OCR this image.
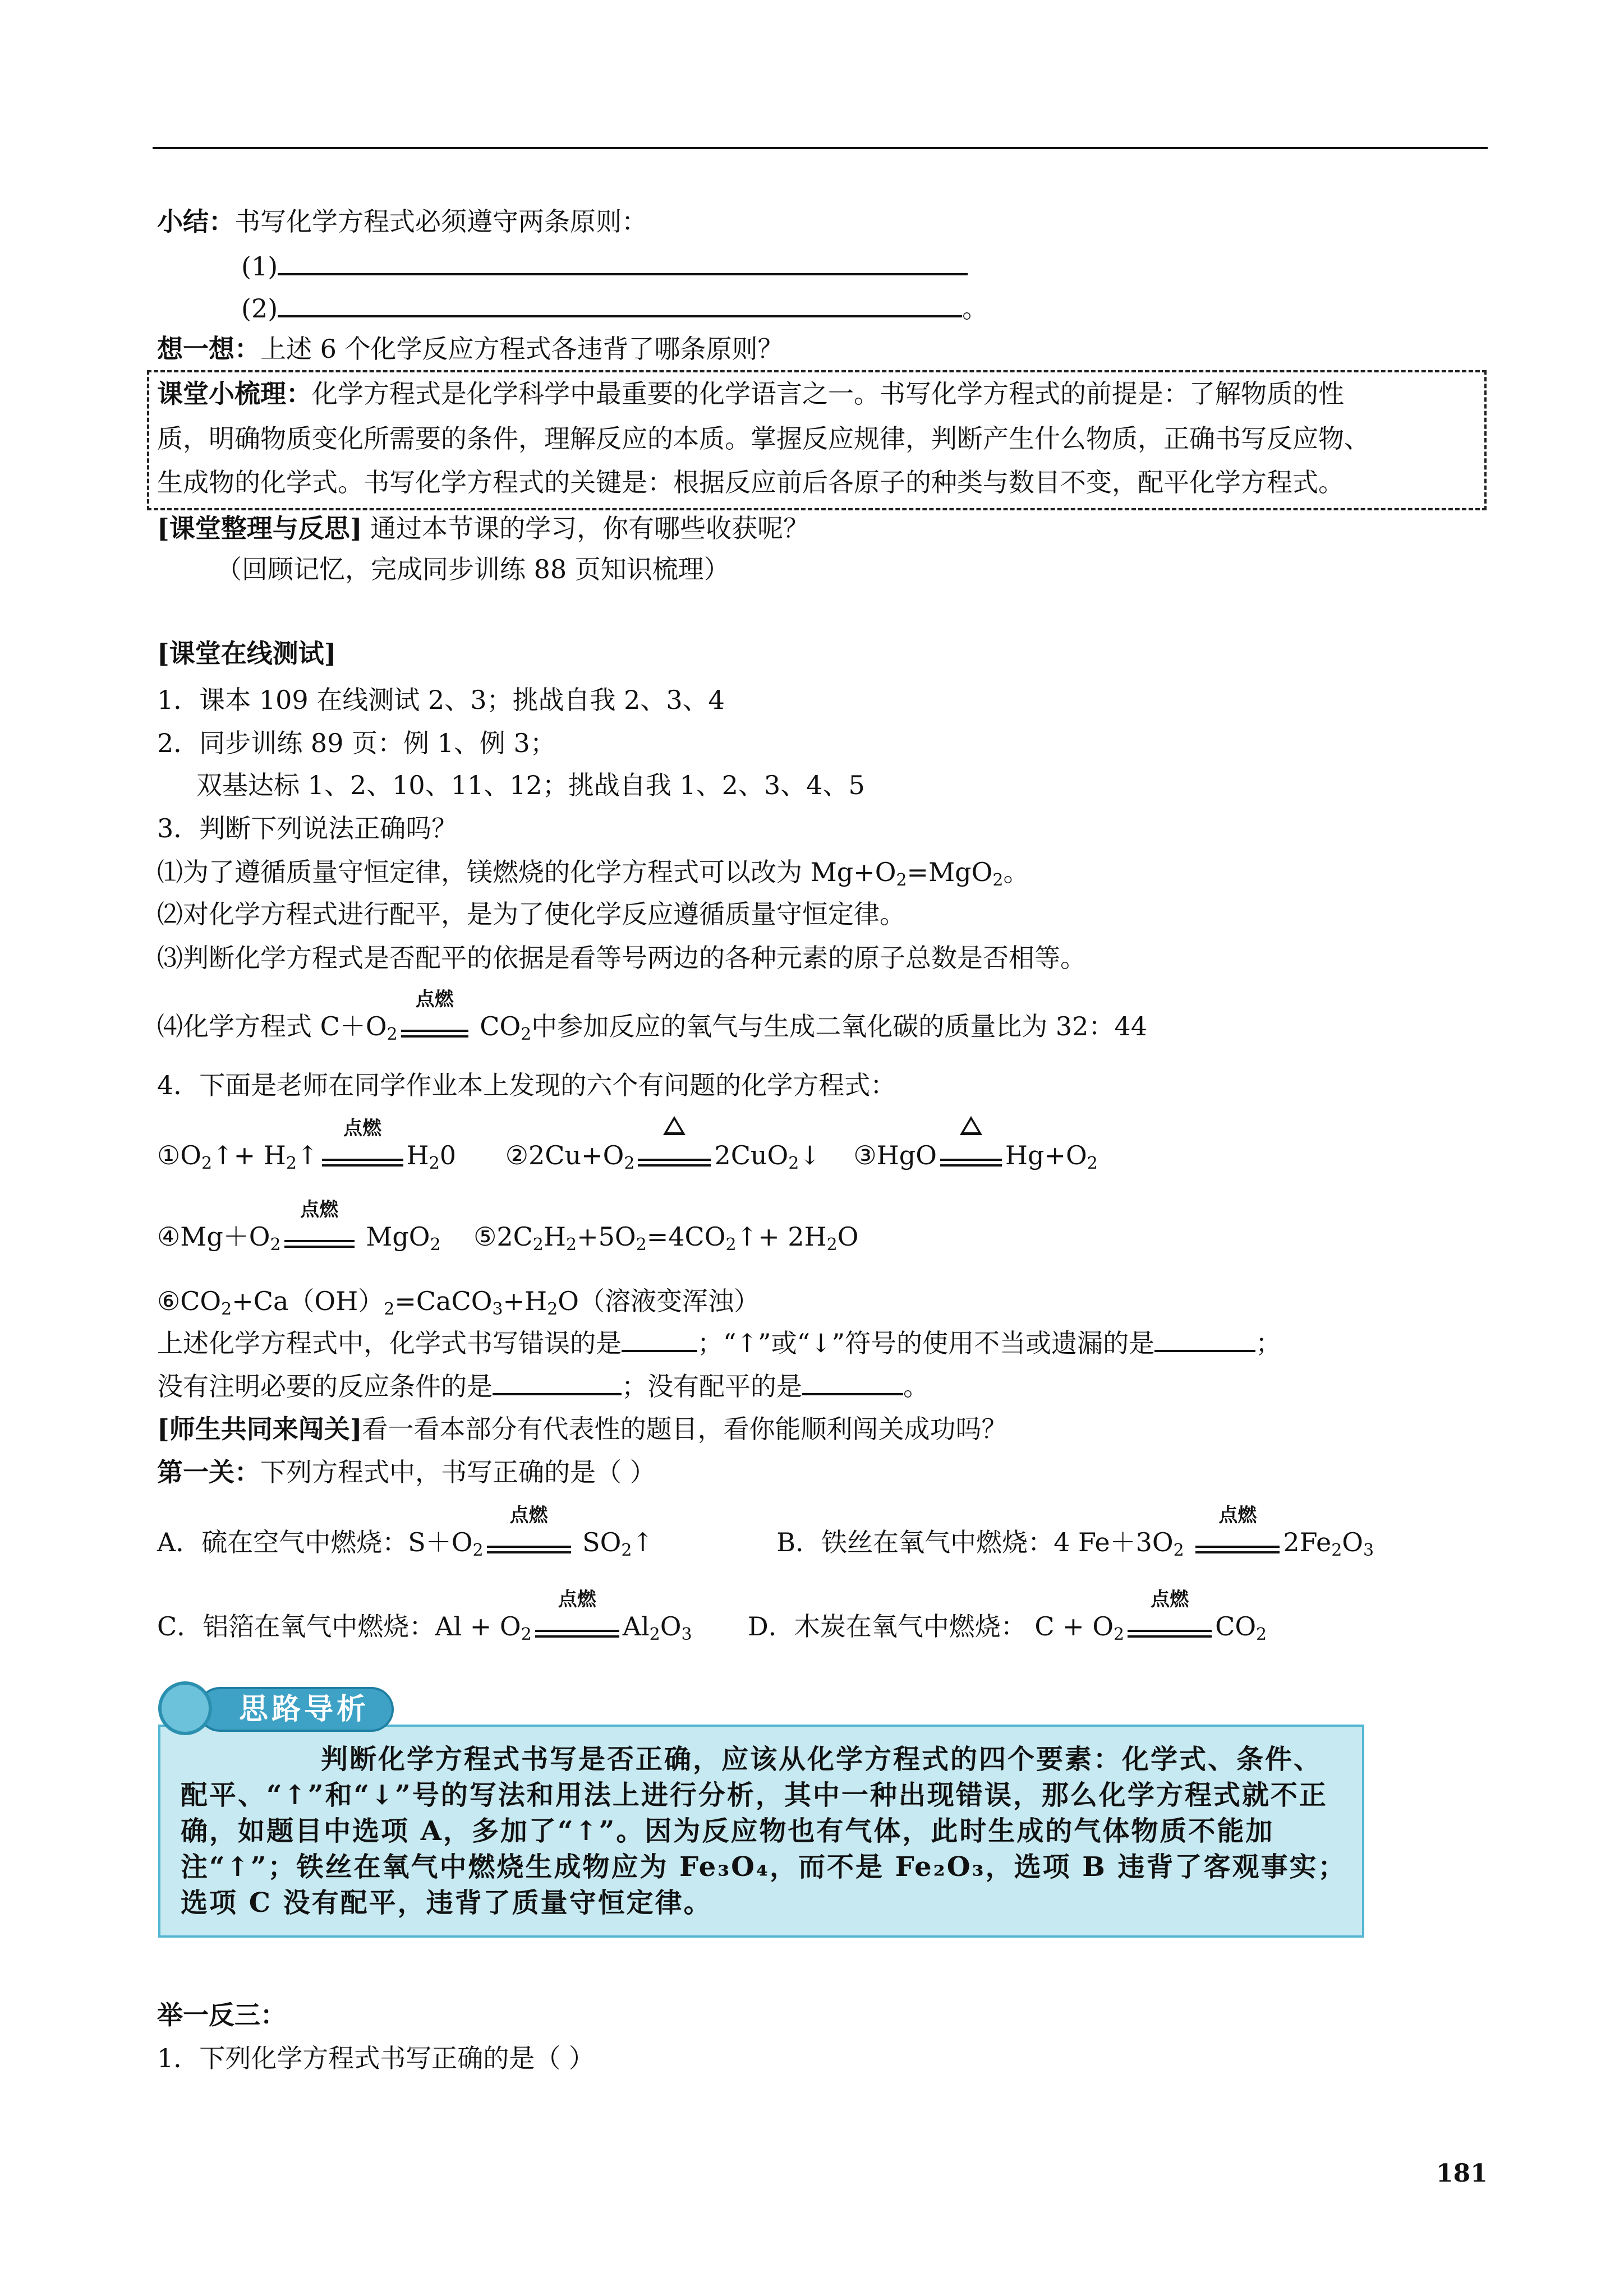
小结：书写化学方程式必须遵守两条原则：
(1)
(2)	。
想一想：上述 6 个化学反应方程式各违背了哪条原则？
课堂小梳理：化学方程式是化学科学中最重要的化学语言之一。书写化学方程式的前提是：了解物质的性
质，明确物质变化所需要的条件，理解反应的本质。掌握反应规律，判断产生什么物质，正确书写反应物、
生成物的化学式。书写化学方程式的关键是：根据反应前后各原子的种类与数目不变，配平化学方程式。
[课堂整理与反思] 通过本节课的学习，你有哪些收获呢？
（回顾记忆，完成同步训练 88 页知识梳理）
[课堂在线测试]
1．课本 109 在线测试 2、3；挑战自我 2、3、4
2．同步训练 89 页：例 1、例 3；
双基达标 1、2、10、11、12；挑战自我 1、2、3、4、5
3．判断下列说法正确吗？
⑴为了遵循质量守恒定律，镁燃烧的化学方程式可以改为 $Mg+O_2=MgO_2$。
⑵对化学方程式进行配平，是为了使化学反应遵循质量守恒定律。
⑶判断化学方程式是否配平的依据是看等号两边的各种元素的原子总数是否相等。
⑷化学方程式 $C+O_2$
点燃
$CO_2$中参加反应的氧气与生成二氧化碳的质量比为 32：44
4．下面是老师在同学作业本上发现的六个有问题的化学方程式：
$①O_2↑+$ $H_2↑$
点燃
$H_20$ $②2Cu+O_2$	2CuO$_2$↓ ③HgO	$Hg+O_2$
$④Mg+O_2$
点燃
MgO$_2$ $⑤2C_2H_2+5O_2=4CO_2↑+ 2H_2O$
$⑥CO_2+Ca(OH)_2=CaCO_3+H_2O$（溶液变浑浊）
上述化学方程式中，化学式书写错误的是	；“↑”或“↓”符号的使用不当或遗漏的是	；
没有注明必要的反应条件的是	；没有配平的是	。
[师生共同来闯关]看一看本部分有代表性的题目，看你能顺利闯关成功吗？
第一关：下列方程式中，书写正确的是（ ）
A．硫在空气中燃烧：$S+O_2$
点燃
$SO_2↑$	B．铁丝在氧气中燃烧：4 $Fe+3O_2$
点燃
$2Fe_2O_3$
C．铝箔在氧气中燃烧：$Al + O_2$
点燃
$Al_2O_3$ D．木炭在氧气中燃烧： $C + O_2$
点燃
$CO_2$
思路导析
判断化学方程式书写是否正确，应该从化学方程式的四个要素：化学式、条件、配平、“↑”和“↓”号的写法和用法上进行分析，其中一种出现错误，那么化学方程式就不正确，如题目中选项 A，多加了“↑”。因为反应物也有气体，此时生成的气体物质不能加注“↑”；铁丝在氧气中燃烧生成物应为 Fe₃O₄，而不是 Fe₂O₃，选项 B 违背了客观事实；选项 C 没有配平，违背了质量守恒定律。
举一反三：
1．下列化学方程式书写正确的是（ ）
181
